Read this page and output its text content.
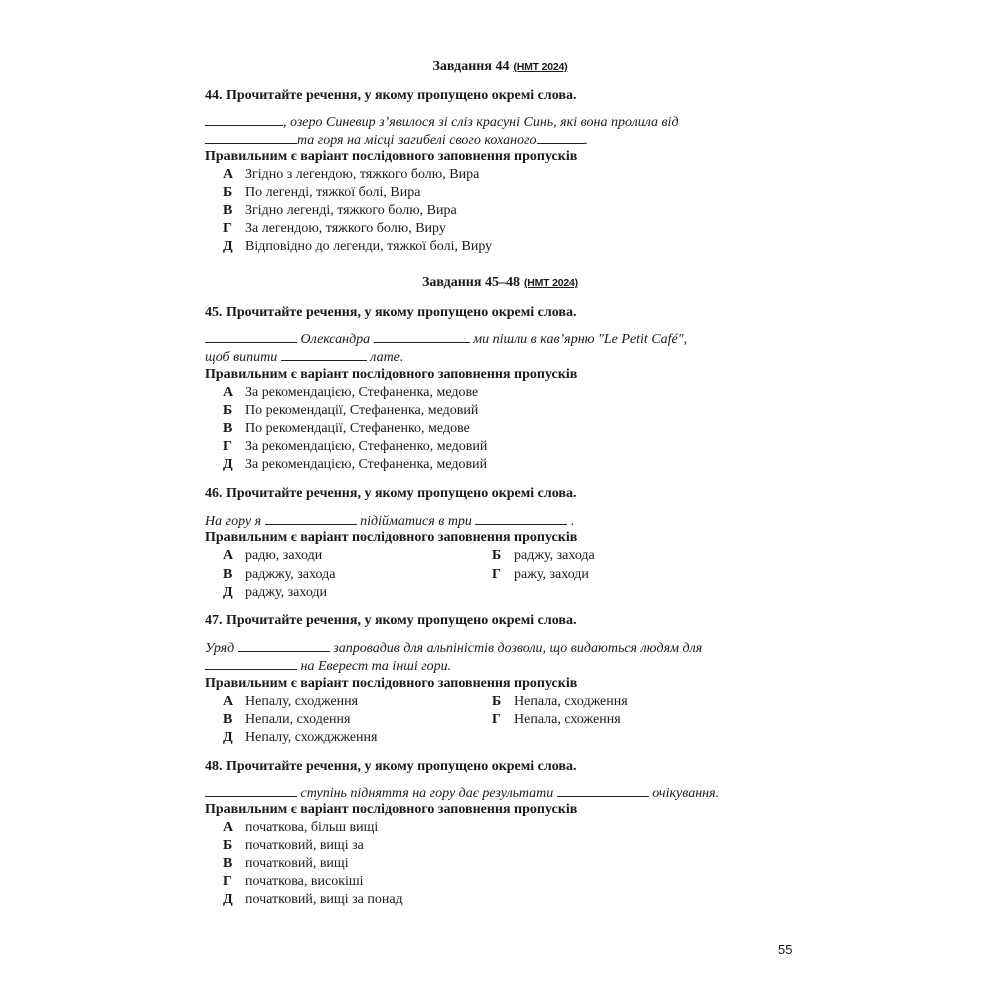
Завдання 44 (НМТ 2024)
44. Прочитайте речення, у якому пропущено окремі слова.
, озеро Синевир з’явилося зі сліз красуні Синь, які вона пролила від
та горя на місці загибелі свого коханого	.
Правильним є варіант послідовного заповнення пропусків
А Згідно з легендою, тяжкого болю, Вира
Б По легенді, тяжкої болі, Вира
В Згідно легенді, тяжкого болю, Вира
Г За легендою, тяжкого болю, Виру
Д Відповідно до легенди, тяжкої болі, Виру
Завдання 45–48 (НМТ 2024)
45. Прочитайте речення, у якому пропущено окремі слова.
Олександра	ми пішли в кав’ярню "Le Petit Café",
щоб випити	лате.
Правильним є варіант послідовного заповнення пропусків
А За рекомендацією, Стефаненка, медове
Б По рекомендації, Стефаненка, медовий
В По рекомендації, Стефаненко, медове
Г За рекомендацією, Стефаненко, медовий
Д За рекомендацією, Стефаненка, медовий
46. Прочитайте речення, у якому пропущено окремі слова.
На гору я	підійматися в три	.
Правильним є варіант послідовного заповнення пропусків
А радю, заходи	Б раджу, захода
В раджжу, захода	Г ражу, заходи
Д раджу, заходи
47. Прочитайте речення, у якому пропущено окремі слова.
Уряд	запровадив для альпіністів дозволи, що видаються людям для
на Еверест та інші гори.
Правильним є варіант послідовного заповнення пропусків
А Непалу, сходження	Б Непала, сходження
В Непали, сходення	Г Непала, схоження
Д Непалу, схожджження
48. Прочитайте речення, у якому пропущено окремі слова.
ступінь підняття на гору дає результати	очікування.
Правильним є варіант послідовного заповнення пропусків
А початкова, більш вищі
Б початковий, вищі за
В початковий, вищі
Г початкова, високіші
Д початковий, вищі за понад
55
